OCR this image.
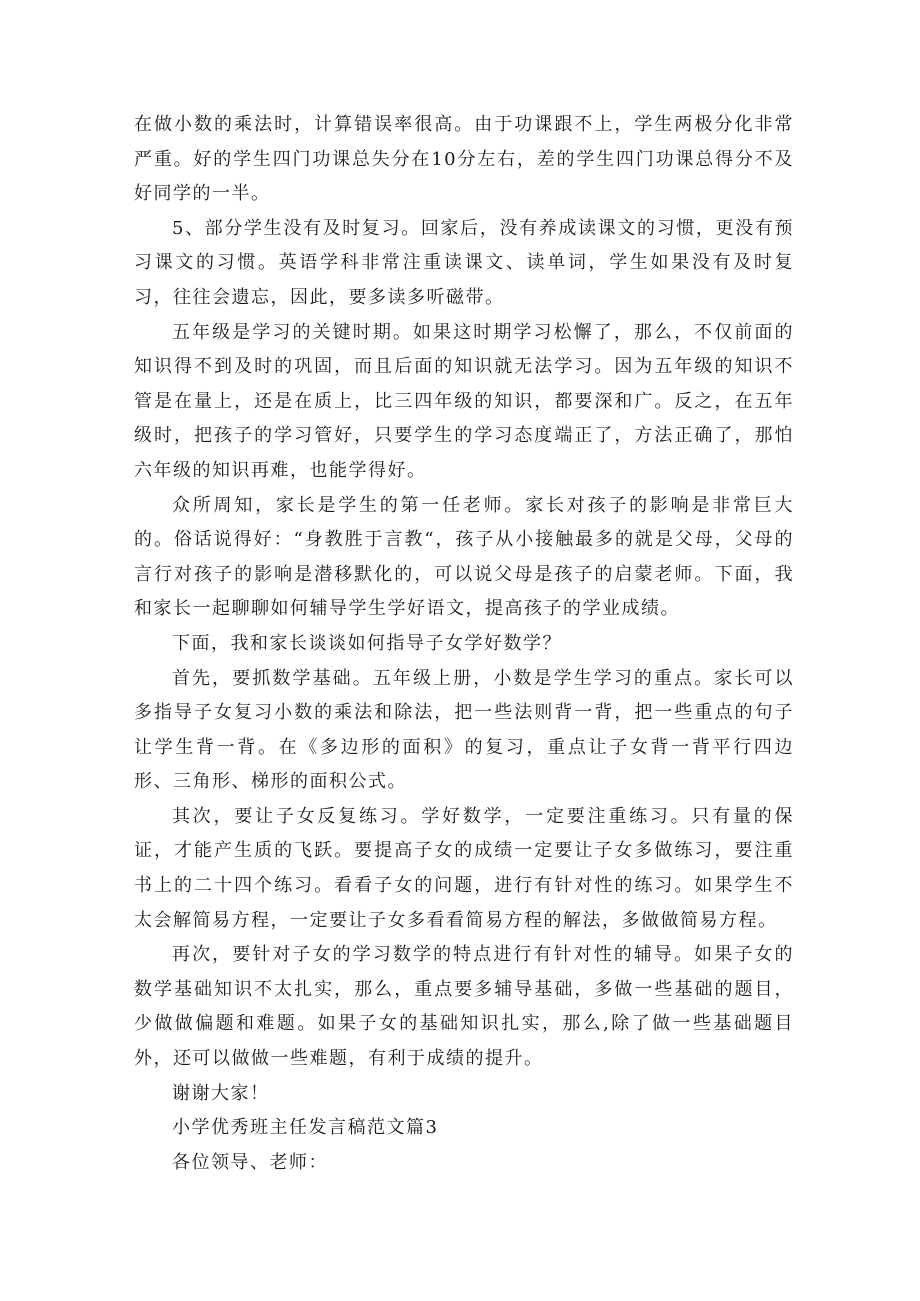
在做小数的乘法时，计算错误率很高。由于功课跟不上，学生两极分化非常严重。好的学生四门功课总失分在10分左右，差的学生四门功课总得分不及好同学的一半。

5、部分学生没有及时复习。回家后，没有养成读课文的习惯，更没有预习课文的习惯。英语学科非常注重读课文、读单词，学生如果没有及时复习，往往会遗忘，因此，要多读多听磁带。

五年级是学习的关键时期。如果这时期学习松懈了，那么，不仅前面的知识得不到及时的巩固，而且后面的知识就无法学习。因为五年级的知识不管是在量上，还是在质上，比三四年级的知识，都要深和广。反之，在五年级时，把孩子的学习管好，只要学生的学习态度端正了，方法正确了，那怕六年级的知识再难，也能学得好。

众所周知，家长是学生的第一任老师。家长对孩子的影响是非常巨大的。俗话说得好：“身教胜于言教“，孩子从小接触最多的就是父母，父母的言行对孩子的影响是潜移默化的，可以说父母是孩子的启蒙老师。下面，我和家长一起聊聊如何辅导学生学好语文，提高孩子的学业成绩。

下面，我和家长谈谈如何指导子女学好数学？

首先，要抓数学基础。五年级上册，小数是学生学习的重点。家长可以多指导子女复习小数的乘法和除法，把一些法则背一背，把一些重点的句子让学生背一背。在《多边形的面积》的复习，重点让子女背一背平行四边形、三角形、梯形的面积公式。

其次，要让子女反复练习。学好数学，一定要注重练习。只有量的保证，才能产生质的飞跃。要提高子女的成绩一定要让子女多做练习，要注重书上的二十四个练习。看看子女的问题，进行有针对性的练习。如果学生不太会解简易方程，一定要让子女多看看简易方程的解法，多做做简易方程。

再次，要针对子女的学习数学的特点进行有针对性的辅导。如果子女的数学基础知识不太扎实，那么，重点要多辅导基础，多做一些基础的题目，少做做偏题和难题。如果子女的基础知识扎实，那么,除了做一些基础题目外，还可以做做一些难题，有利于成绩的提升。

谢谢大家！

小学优秀班主任发言稿范文篇3

各位领导、老师：
